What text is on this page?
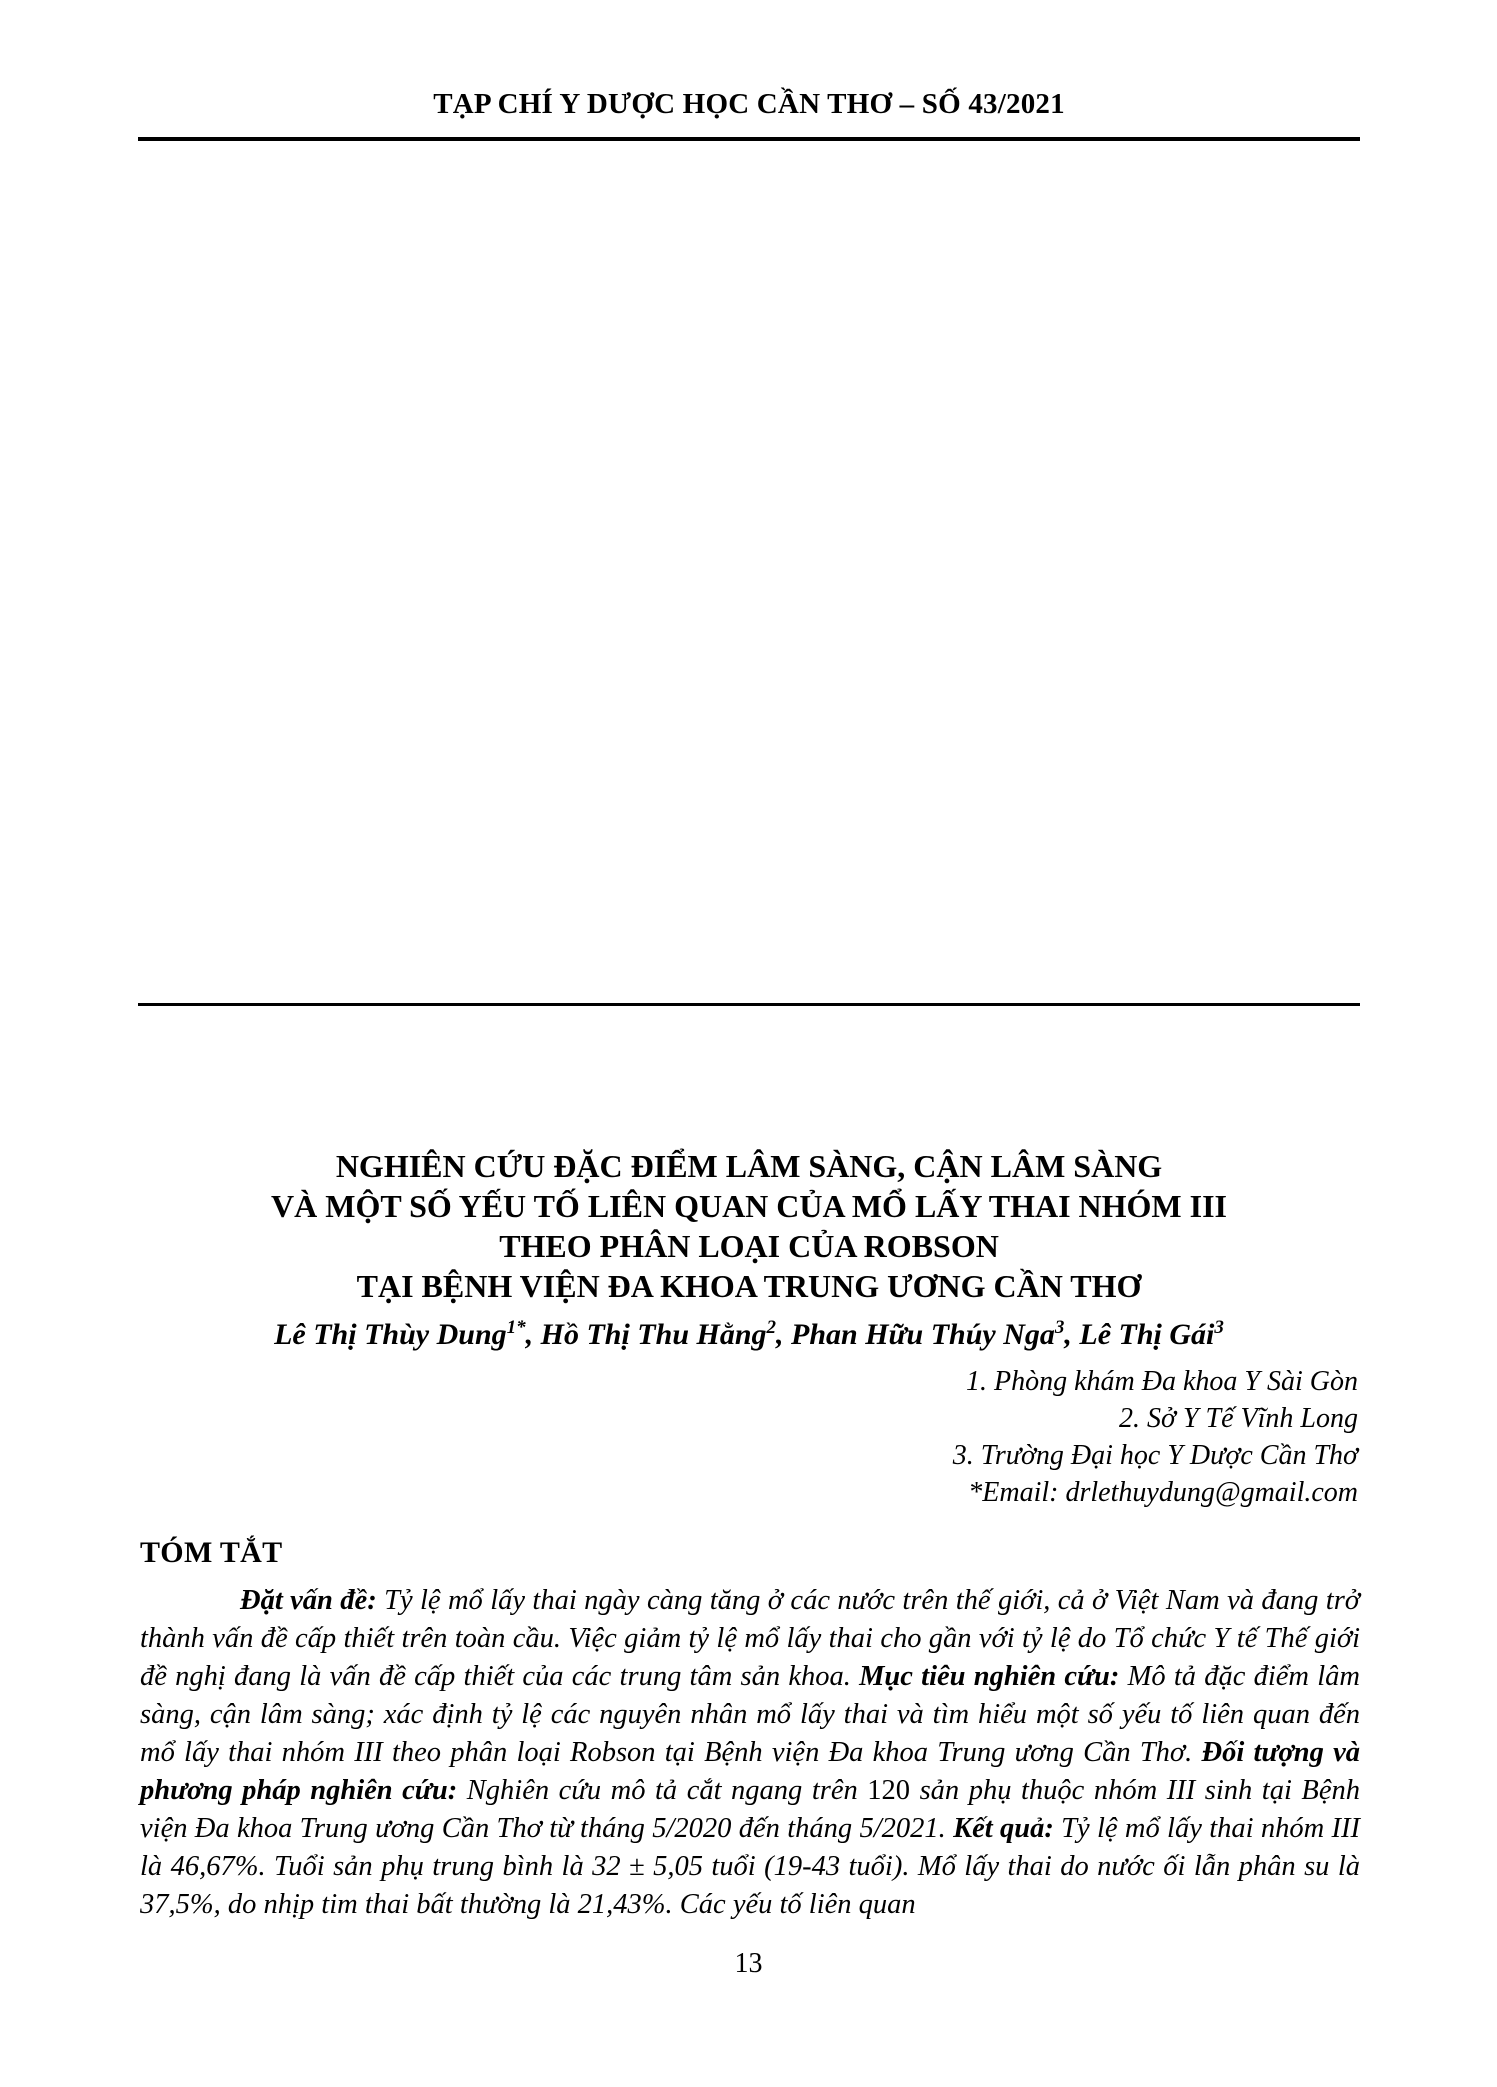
TẠP CHÍ Y DƯỢC HỌC CẦN THƠ – SỐ 43/2021
NGHIÊN CỨU ĐẶC ĐIỂM LÂM SÀNG, CẬN LÂM SÀNG
VÀ MỘT SỐ YẾU TỐ LIÊN QUAN CỦA MỔ LẤY THAI NHÓM III
THEO PHÂN LOẠI CỦA ROBSON
TẠI BỆNH VIỆN ĐA KHOA TRUNG ƯƠNG CẦN THƠ
Lê Thị Thùy Dung$^{1*}$, Hồ Thị Thu Hằng$^2$, Phan Hữu Thúy Nga$^3$, Lê Thị Gái$^3$
1. Phòng khám Đa khoa Y Sài Gòn
2. Sở Y Tế Vĩnh Long
3. Trường Đại học Y Dược Cần Thơ
*Email: drlethuydung@gmail.com
TÓM TẮT

Đặt vấn đề: Tỷ lệ mổ lấy thai ngày càng tăng ở các nước trên thế giới, cả ở Việt Nam và đang trở thành vấn đề cấp thiết trên toàn cầu. Việc giảm tỷ lệ mổ lấy thai cho gần với tỷ lệ do Tổ chức Y tế Thế giới đề nghị đang là vấn đề cấp thiết của các trung tâm sản khoa. Mục tiêu nghiên cứu: Mô tả đặc điểm lâm sàng, cận lâm sàng; xác định tỷ lệ các nguyên nhân mổ lấy thai và tìm hiểu một số yếu tố liên quan đến mổ lấy thai nhóm III theo phân loại Robson tại Bệnh viện Đa khoa Trung ương Cần Thơ. Đối tượng và phương pháp nghiên cứu: Nghiên cứu mô tả cắt ngang trên 120 sản phụ thuộc nhóm III sinh tại Bệnh viện Đa khoa Trung ương Cần Thơ từ tháng 5/2020 đến tháng 5/2021. Kết quả: Tỷ lệ mổ lấy thai nhóm III là 46,67%. Tuổi sản phụ trung bình là 32 ± 5,05 tuổi (19-43 tuổi). Mổ lấy thai do nước ối lẫn phân su là 37,5%, do nhịp tim thai bất thường là 21,43%. Các yếu tố liên quan

13
